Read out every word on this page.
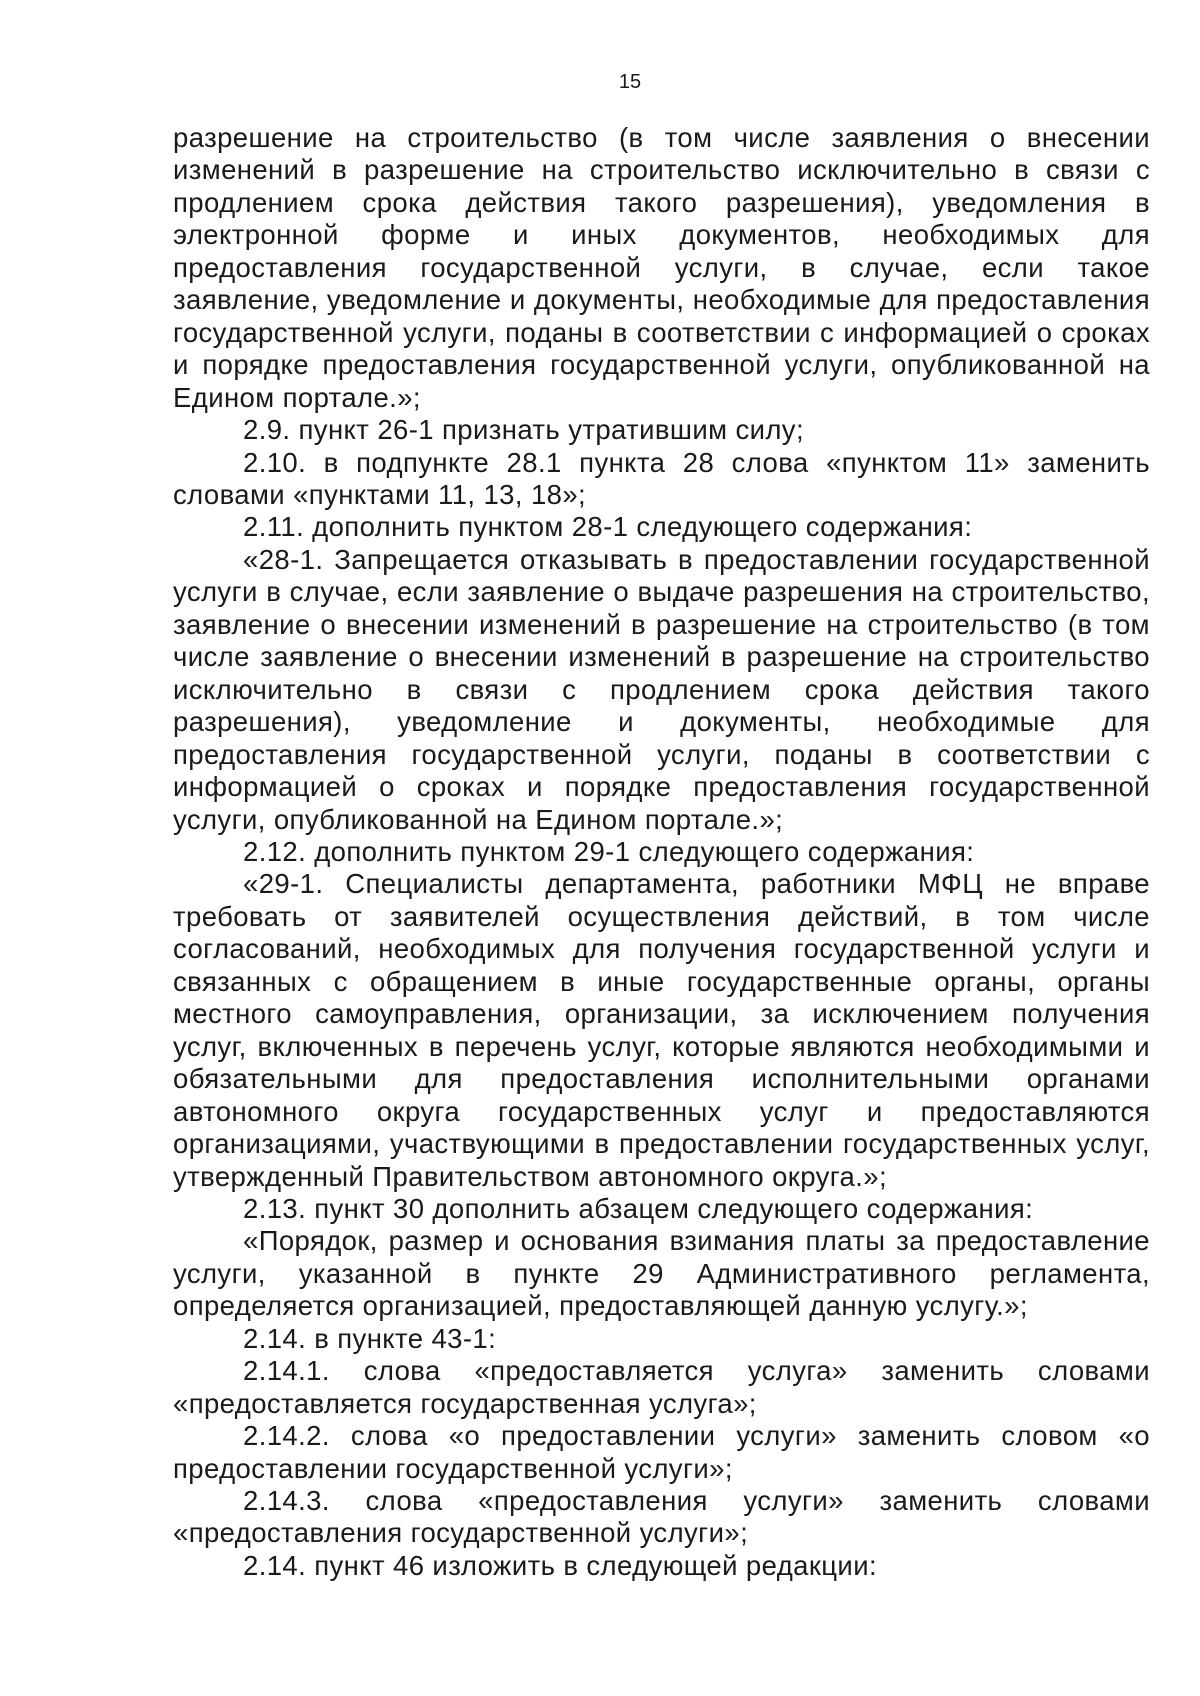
15

разрешение на строительство (в том числе заявления о внесении изменений в разрешение на строительство исключительно в связи с продлением срока действия такого разрешения), уведомления в электронной форме и иных документов, необходимых для предоставления государственной услуги, в случае, если такое заявление, уведомление и документы, необходимые для предоставления государственной услуги, поданы в соответствии с информацией о сроках и порядке предоставления государственной услуги, опубликованной на Едином портале.»;

2.9. пункт 26-1 признать утратившим силу;

2.10. в подпункте 28.1 пункта 28 слова «пунктом 11» заменить словами «пунктами 11, 13, 18»;

2.11. дополнить пунктом 28-1 следующего содержания:

«28-1. Запрещается отказывать в предоставлении государственной услуги в случае, если заявление о выдаче разрешения на строительство, заявление о внесении изменений в разрешение на строительство (в том числе заявление о внесении изменений в разрешение на строительство исключительно в связи с продлением срока действия такого разрешения), уведомление и документы, необходимые для предоставления государственной услуги, поданы в соответствии с информацией о сроках и порядке предоставления государственной услуги, опубликованной на Едином портале.»;

2.12. дополнить пунктом 29-1 следующего содержания:

«29-1. Специалисты департамента, работники МФЦ не вправе требовать от заявителей осуществления действий, в том числе согласований, необходимых для получения государственной услуги и связанных с обращением в иные государственные органы, органы местного самоуправления, организации, за исключением получения услуг, включенных в перечень услуг, которые являются необходимыми и обязательными для предоставления исполнительными органами автономного округа государственных услуг и предоставляются организациями, участвующими в предоставлении государственных услуг, утвержденный Правительством автономного округа.»;

2.13. пункт 30 дополнить абзацем следующего содержания:

«Порядок, размер и основания взимания платы за предоставление услуги, указанной в пункте 29 Административного регламента, определяется организацией, предоставляющей данную услугу.»;

2.14. в пункте 43-1:

2.14.1. слова «предоставляется услуга» заменить словами «предоставляется государственная услуга»;

2.14.2. слова «о предоставлении услуги» заменить словом «о предоставлении государственной услуги»;

2.14.3. слова «предоставления услуги» заменить словами «предоставления государственной услуги»;

2.14. пункт 46 изложить в следующей редакции:
